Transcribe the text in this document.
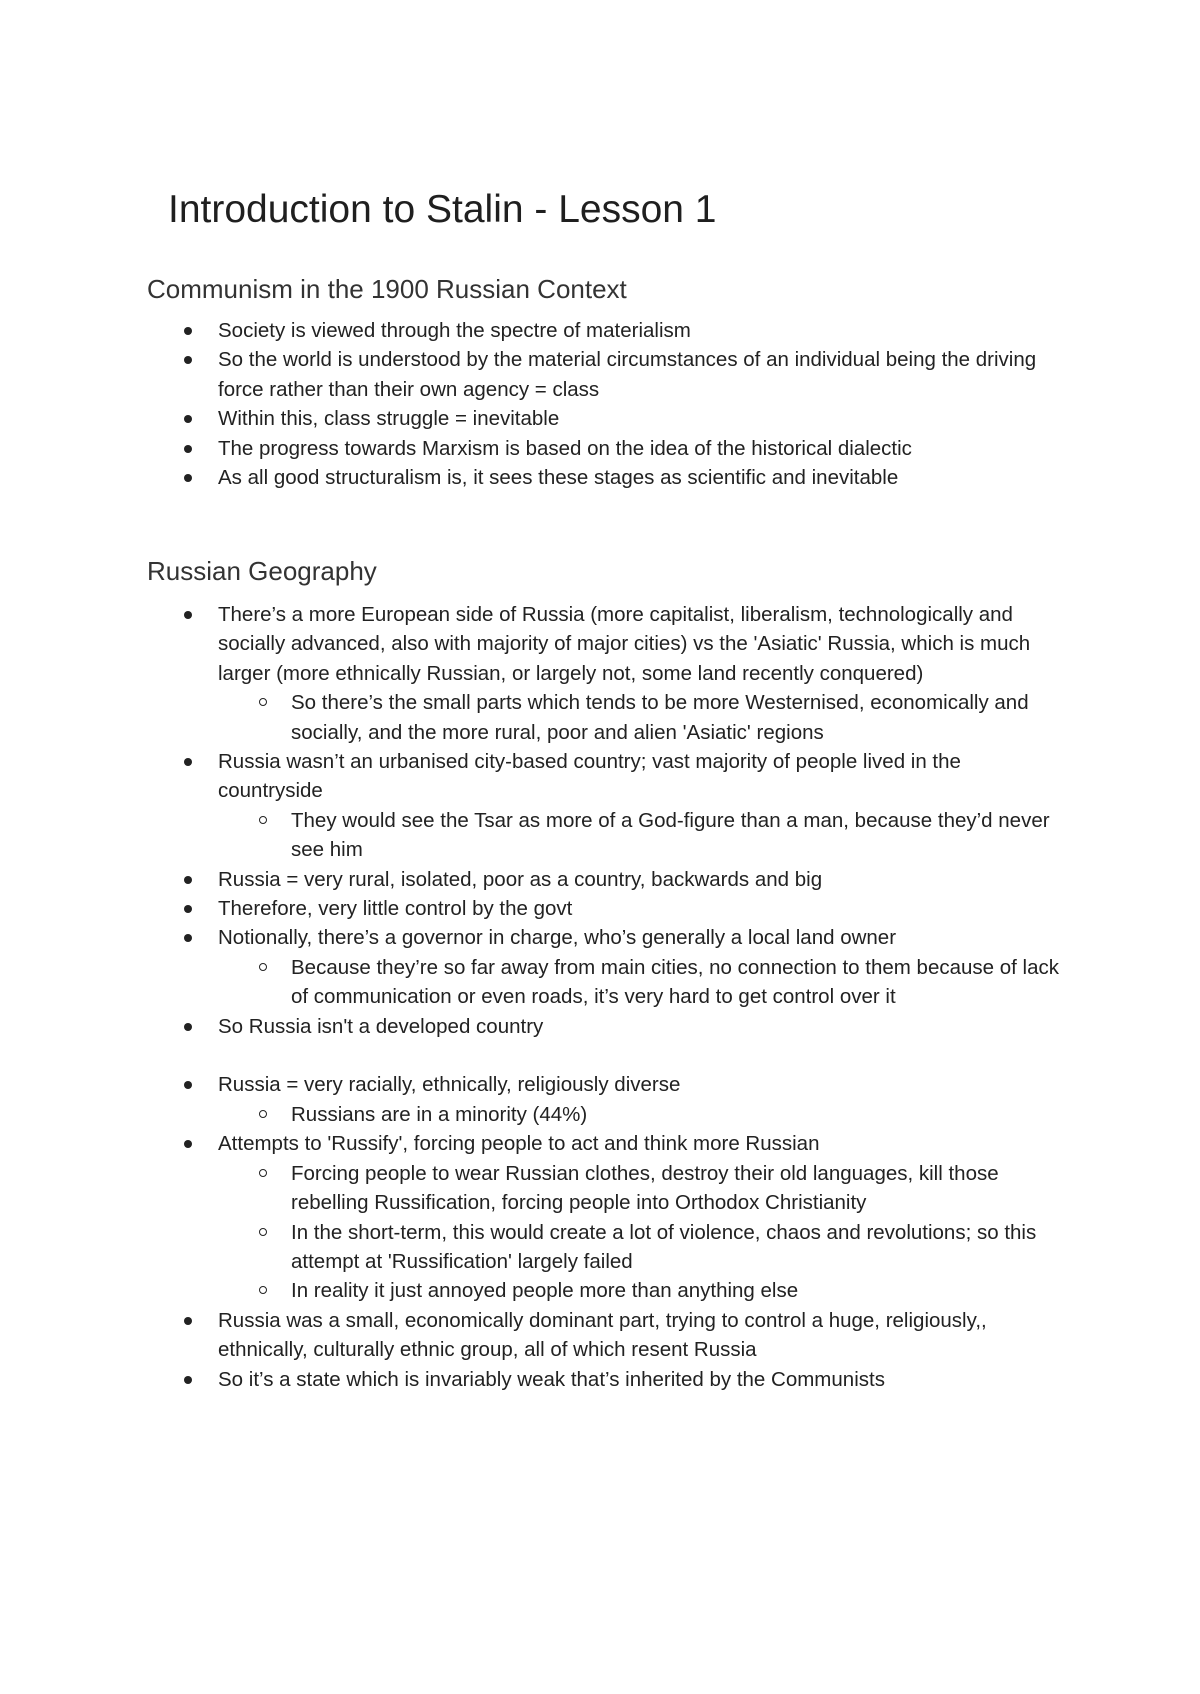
Introduction to Stalin - Lesson 1
Communism in the 1900 Russian Context
Society is viewed through the spectre of materialism
So the world is understood by the material circumstances of an individual being the driving force rather than their own agency = class
Within this, class struggle = inevitable
The progress towards Marxism is based on the idea of the historical dialectic
As all good structuralism is, it sees these stages as scientific and inevitable
Russian Geography
There’s a more European side of Russia (more capitalist, liberalism, technologically and socially advanced, also with majority of major cities) vs the 'Asiatic' Russia, which is much larger (more ethnically Russian, or largely not, some land recently conquered)
So there’s the small parts which tends to be more Westernised, economically and socially, and the more rural, poor and alien 'Asiatic' regions
Russia wasn’t an urbanised city-based country; vast majority of people lived in the countryside
They would see the Tsar as more of a God-figure than a man, because they’d never see him
Russia = very rural, isolated, poor as a country, backwards and big
Therefore, very little control by the govt
Notionally, there’s a governor in charge, who’s generally a local land owner
Because they’re so far away from main cities, no connection to them because of lack of communication or even roads, it’s very hard to get control over it
So Russia isn't a developed country
Russia = very racially, ethnically, religiously diverse
Russians are in a minority (44%)
Attempts to 'Russify', forcing people to act and think more Russian
Forcing people to wear Russian clothes, destroy their old languages, kill those rebelling Russification, forcing people into Orthodox Christianity
In the short-term, this would create a lot of violence, chaos and revolutions; so this attempt at 'Russification' largely failed
In reality it just annoyed people more than anything else
Russia was a small, economically dominant part, trying to control a huge, religiously,, ethnically, culturally ethnic group, all of which resent Russia
So it’s a state which is invariably weak that’s inherited by the Communists
